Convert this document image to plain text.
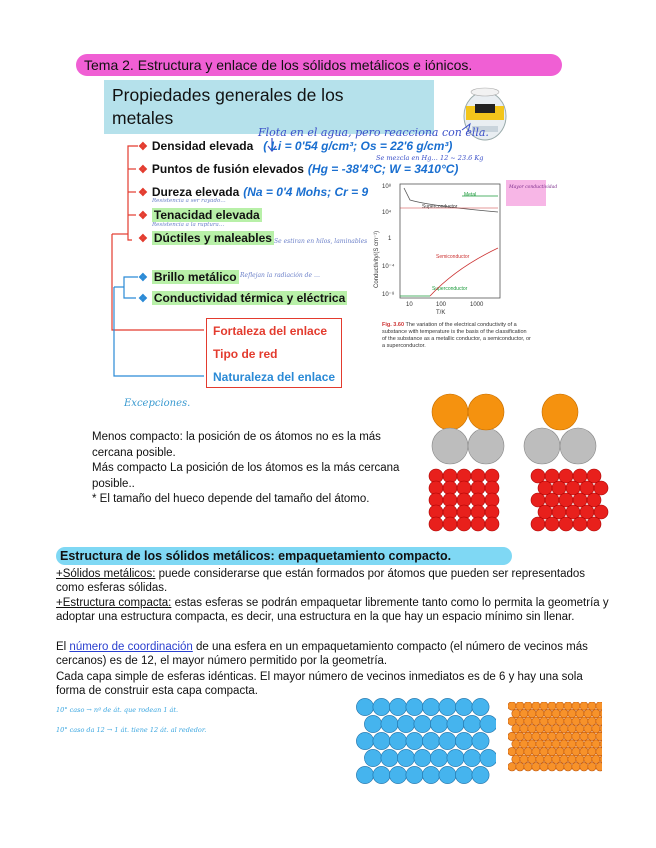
Tema 2. Estructura y enlace de los sólidos metálicos e iónicos.
Propiedades generales de los
metales
Flota en el agua, pero reacciona con ella.
Se mezcla en Hg… 12 ~ 23.6 Kg
Resistencia a ser rayado…
Resistencia a la ruptura…
Se estiran en hilos, laminables
Reflejan la radiación de …
Excepciones.
❖ Densidad elevada ( Li = 0'54 g/cm³; Os = 22'6 g/cm³)
❖ Puntos de fusión elevados (Hg = -38'4°C; W = 3410°C)
❖ Dureza elevada (Na = 0'4 Mohs; Cr = 9
❖ Tenacidad elevada
❖ Dúctiles y maleables
❖ Brillo metálico
❖ Conductividad térmica y eléctrica
Fortaleza del enlace
Tipo de red
Naturaleza del enlace
10⁸
10⁴
1
10⁻⁴
10⁻⁸
10	100	1000
T/K
Conductivity/(S cm⁻¹)
Metal
Superconductor
Semiconductor
Superconductor
Mayor conductividad
Fig. 3.60 The variation of the electrical conductivity of a substance with temperature is the basis of the classification of the substance as a metallic conductor, a semiconductor, or a superconductor.
Menos compacto: la posición de os átomos no es la más cercana posible.
Más compacto La posición de los átomos es la más cercana posible..
* El tamaño del hueco depende del tamaño del átomo.
Estructura de los sólidos metálicos: empaquetamiento compacto.
+Sólidos metálicos: puede considerarse que están formados por átomos que pueden ser representados como esferas sólidas.
+Estructura compacta: estas esferas se podrán empaquetar libremente tanto como lo permita la geometría y adoptar una estructura compacta, es decir, una estructura en la que hay un espacio mínimo sin llenar.
El número de coordinación de una esfera en un empaquetamiento compacto (el número de vecinos más cercanos) es de 12, el mayor número permitido por la geometría.
Cada capa simple de esferas idénticas. El mayor número de vecinos inmediatos es de 6 y hay una sola forma de construir esta capa compacta.
10° caso → nº de át. que rodean 1 át.
10° caso da 12 → 1 át. tiene 12 át. al rededor.
